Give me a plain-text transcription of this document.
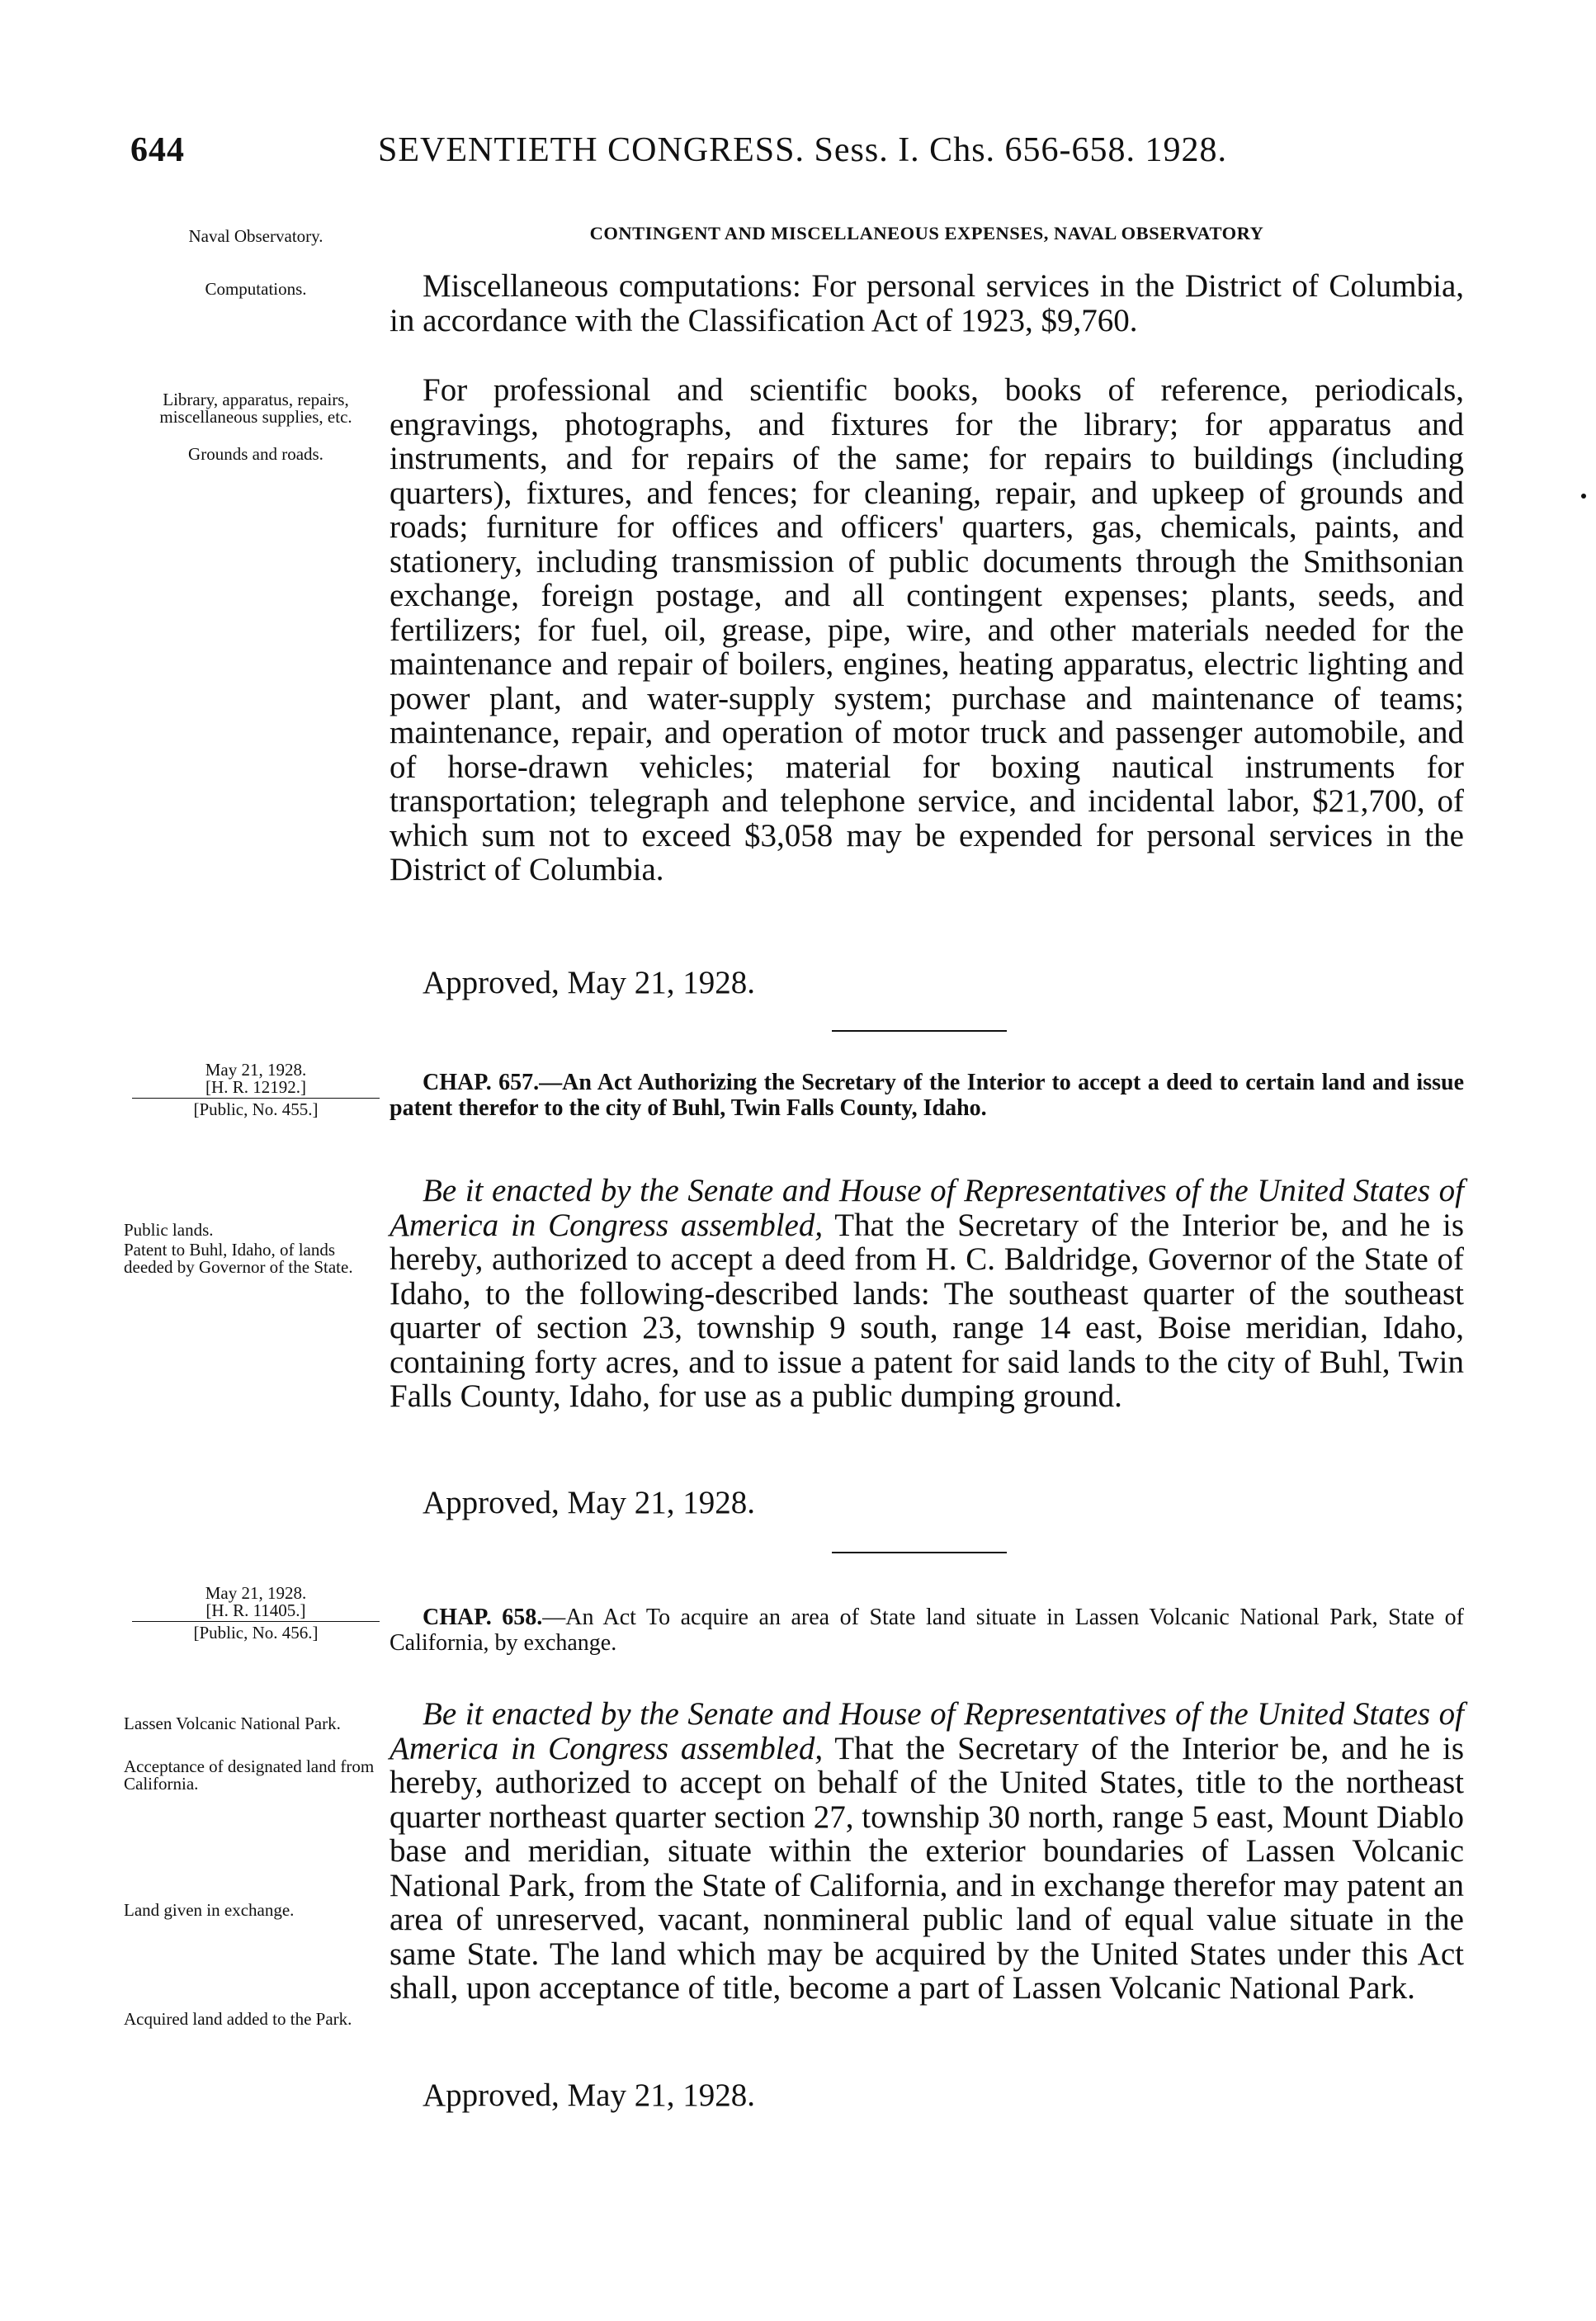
644	SEVENTIETH CONGRESS. Sess. I. Chs. 656-658. 1928.
Naval Observatory.	CONTINGENT AND MISCELLANEOUS EXPENSES, NAVAL OBSERVATORY
Computations.	Miscellaneous computations: For personal services in the District of Columbia, in accordance with the Classification Act of 1923, $9,760.
Library, apparatus, repairs, miscellaneous supplies, etc.
Grounds and roads.
For professional and scientific books, books of reference, periodicals, engravings, photographs, and fixtures for the library; for apparatus and instruments, and for repairs of the same; for repairs to buildings (including quarters), fixtures, and fences; for cleaning, repair, and upkeep of grounds and roads; furniture for offices and officers' quarters, gas, chemicals, paints, and stationery, including transmission of public documents through the Smithsonian exchange, foreign postage, and all contingent expenses; plants, seeds, and fertilizers; for fuel, oil, grease, pipe, wire, and other materials needed for the maintenance and repair of boilers, engines, heating apparatus, electric lighting and power plant, and water-supply system; purchase and maintenance of teams; maintenance, repair, and operation of motor truck and passenger automobile, and of horse-drawn vehicles; material for boxing nautical instruments for transportation; telegraph and telephone service, and incidental labor, $21,700, of which sum not to exceed $3,058 may be expended for personal services in the District of Columbia.
Approved, May 21, 1928.
May 21, 1928.
[H. R. 12192.]
[Public, No. 455.]
CHAP. 657.—An Act Authorizing the Secretary of the Interior to accept a deed to certain land and issue patent therefor to the city of Buhl, Twin Falls County, Idaho.
Public lands.
Patent to Buhl, Idaho, of lands deeded by Governor of the State.
Be it enacted by the Senate and House of Representatives of the United States of America in Congress assembled, That the Secretary of the Interior be, and he is hereby, authorized to accept a deed from H. C. Baldridge, Governor of the State of Idaho, to the following-described lands: The southeast quarter of the southeast quarter of section 23, township 9 south, range 14 east, Boise meridian, Idaho, containing forty acres, and to issue a patent for said lands to the city of Buhl, Twin Falls County, Idaho, for use as a public dumping ground.
Approved, May 21, 1928.
May 21, 1928.
[H. R. 11405.]
[Public, No. 456.]
CHAP. 658.—An Act To acquire an area of State land situate in Lassen Volcanic National Park, State of California, by exchange.
Lassen Volcanic National Park.
Acceptance of designated land from California.
Land given in exchange.
Acquired land added to the Park.
Be it enacted by the Senate and House of Representatives of the United States of America in Congress assembled, That the Secretary of the Interior be, and he is hereby, authorized to accept on behalf of the United States, title to the northeast quarter northeast quarter section 27, township 30 north, range 5 east, Mount Diablo base and meridian, situate within the exterior boundaries of Lassen Volcanic National Park, from the State of California, and in exchange therefor may patent an area of unreserved, vacant, nonmineral public land of equal value situate in the same State. The land which may be acquired by the United States under this Act shall, upon acceptance of title, become a part of Lassen Volcanic National Park.
Approved, May 21, 1928.
